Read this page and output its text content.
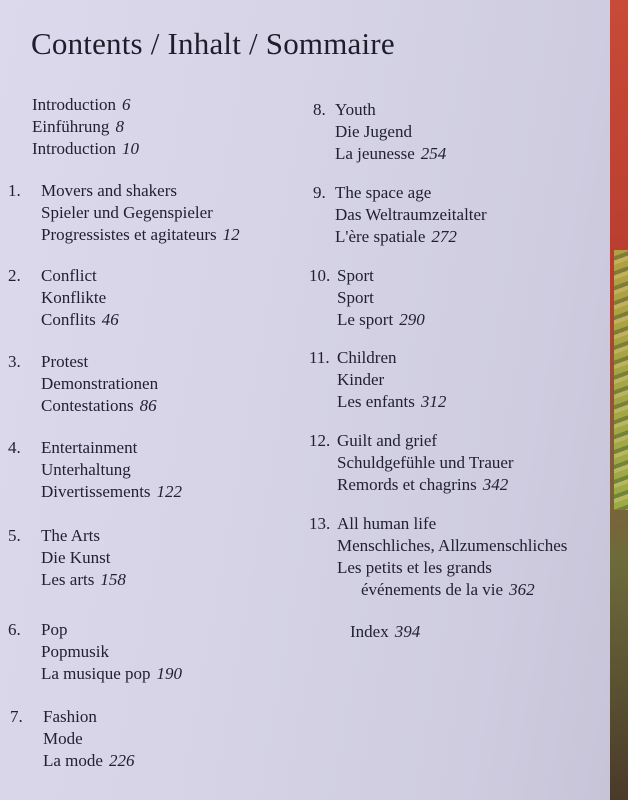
Contents / Inhalt / Sommaire
Introduction 6
Einführung 8
Introduction 10
1. Movers and shakers
Spieler und Gegenspieler
Progressistes et agitateurs 12
2. Conflict
Konflikte
Conflits 46
3. Protest
Demonstrationen
Contestations 86
4. Entertainment
Unterhaltung
Divertissements 122
5. The Arts
Die Kunst
Les arts 158
6. Pop
Popmusik
La musique pop 190
7. Fashion
Mode
La mode 226
8. Youth
Die Jugend
La jeunesse 254
9. The space age
Das Weltraumzeitalter
L'ère spatiale 272
10. Sport
Sport
Le sport 290
11. Children
Kinder
Les enfants 312
12. Guilt and grief
Schuldgefühle und Trauer
Remords et chagrins 342
13. All human life
Menschliches, Allzumenschliches
Les petits et les grands
événements de la vie 362
Index 394
